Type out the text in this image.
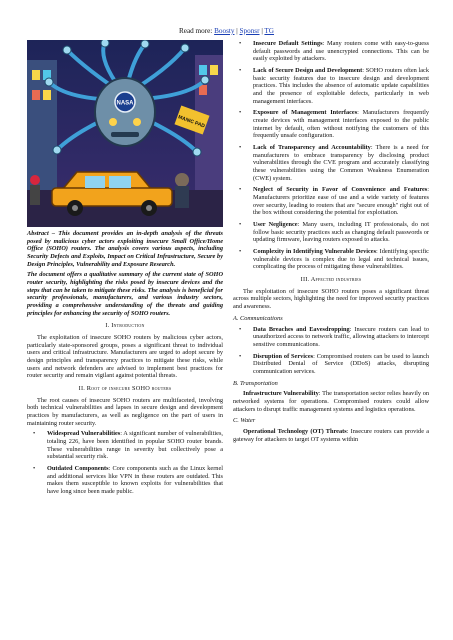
Read more: Boosty | Sponsr | TG
NASA
MANIC PAD

Abstract – This document provides an in-depth analysis of the threats posed by malicious cyber actors exploiting insecure Small Office/Home Office (SOHO) routers. The analysis covers various aspects, including Security Defects and Exploits, Impact on Critical Infrastructure, Secure by Design Principles, Vulnerability and Exposure Research.

The document offers a qualitative summary of the current state of SOHO router security, highlighting the risks posed by insecure devices and the steps that can be taken to mitigate these risks. The analysis is beneficial for security professionals, manufacturers, and various industry sectors, providing a comprehensive understanding of the threats and guiding principles for enhancing the security of SOHO routers.

I. Introduction

The exploitation of insecure SOHO routers by malicious cyber actors, particularly state-sponsored groups, poses a significant threat to individual users and critical infrastructure. Manufacturers are urged to adopt secure by design principles and transparency practices to mitigate these risks, while users and network defenders are advised to implement best practices for router security and remain vigilant against potential threats.

II. Root of insecure SOHO routers

The root causes of insecure SOHO routers are multifaceted, involving both technical vulnerabilities and lapses in secure design and development practices by manufacturers, as well as negligence on the part of users in maintaining router security.

• Widespread Vulnerabilities: A significant number of vulnerabilities, totaling 226, have been identified in popular SOHO router brands. These vulnerabilities range in severity but collectively pose a substantial security risk.
• Outdated Components: Core components such as the Linux kernel and additional services like VPN in these routers are outdated. This makes them susceptible to known exploits for vulnerabilities that have long since been made public.
• Insecure Default Settings: Many routers come with easy-to-guess default passwords and use unencrypted connections. This can be easily exploited by attackers.
• Lack of Secure Design and Development: SOHO routers often lack basic security features due to insecure design and development practices. This includes the absence of automatic update capabilities and the presence of exploitable defects, particularly in web management interfaces.
• Exposure of Management Interfaces: Manufacturers frequently create devices with management interfaces exposed to the public internet by default, often without notifying the customers of this frequently unsafe configuration.
• Lack of Transparency and Accountability: There is a need for manufacturers to embrace transparency by disclosing product vulnerabilities through the CVE program and accurately classifying these vulnerabilities using the Common Weakness Enumeration (CWE) system.
• Neglect of Security in Favor of Convenience and Features: Manufacturers prioritize ease of use and a wide variety of features over security, leading to routers that are "secure enough" right out of the box without considering the potential for exploitation.
• User Negligence: Many users, including IT professionals, do not follow basic security practices such as changing default passwords or updating firmware, leaving routers exposed to attacks.
• Complexity in Identifying Vulnerable Devices: Identifying specific vulnerable devices is complex due to legal and technical issues, complicating the process of mitigating these vulnerabilities.
III. Affected industries

The exploitation of insecure SOHO routers poses a significant threat across multiple sectors, highlighting the need for improved security practices and awareness.

A. Communications
• Data Breaches and Eavesdropping: Insecure routers can lead to unauthorized access to network traffic, allowing attackers to intercept sensitive communications.
• Disruption of Services: Compromised routers can be used to launch Distributed Denial of Service (DDoS) attacks, disrupting communication services.
B. Transportation

Infrastructure Vulnerability: The transportation sector relies heavily on networked systems for operations. Compromised routers could allow attackers to disrupt traffic management systems and logistics operations.

C. Water

Operational Technology (OT) Threats: Insecure routers can provide a gateway for attackers to target OT systems within
